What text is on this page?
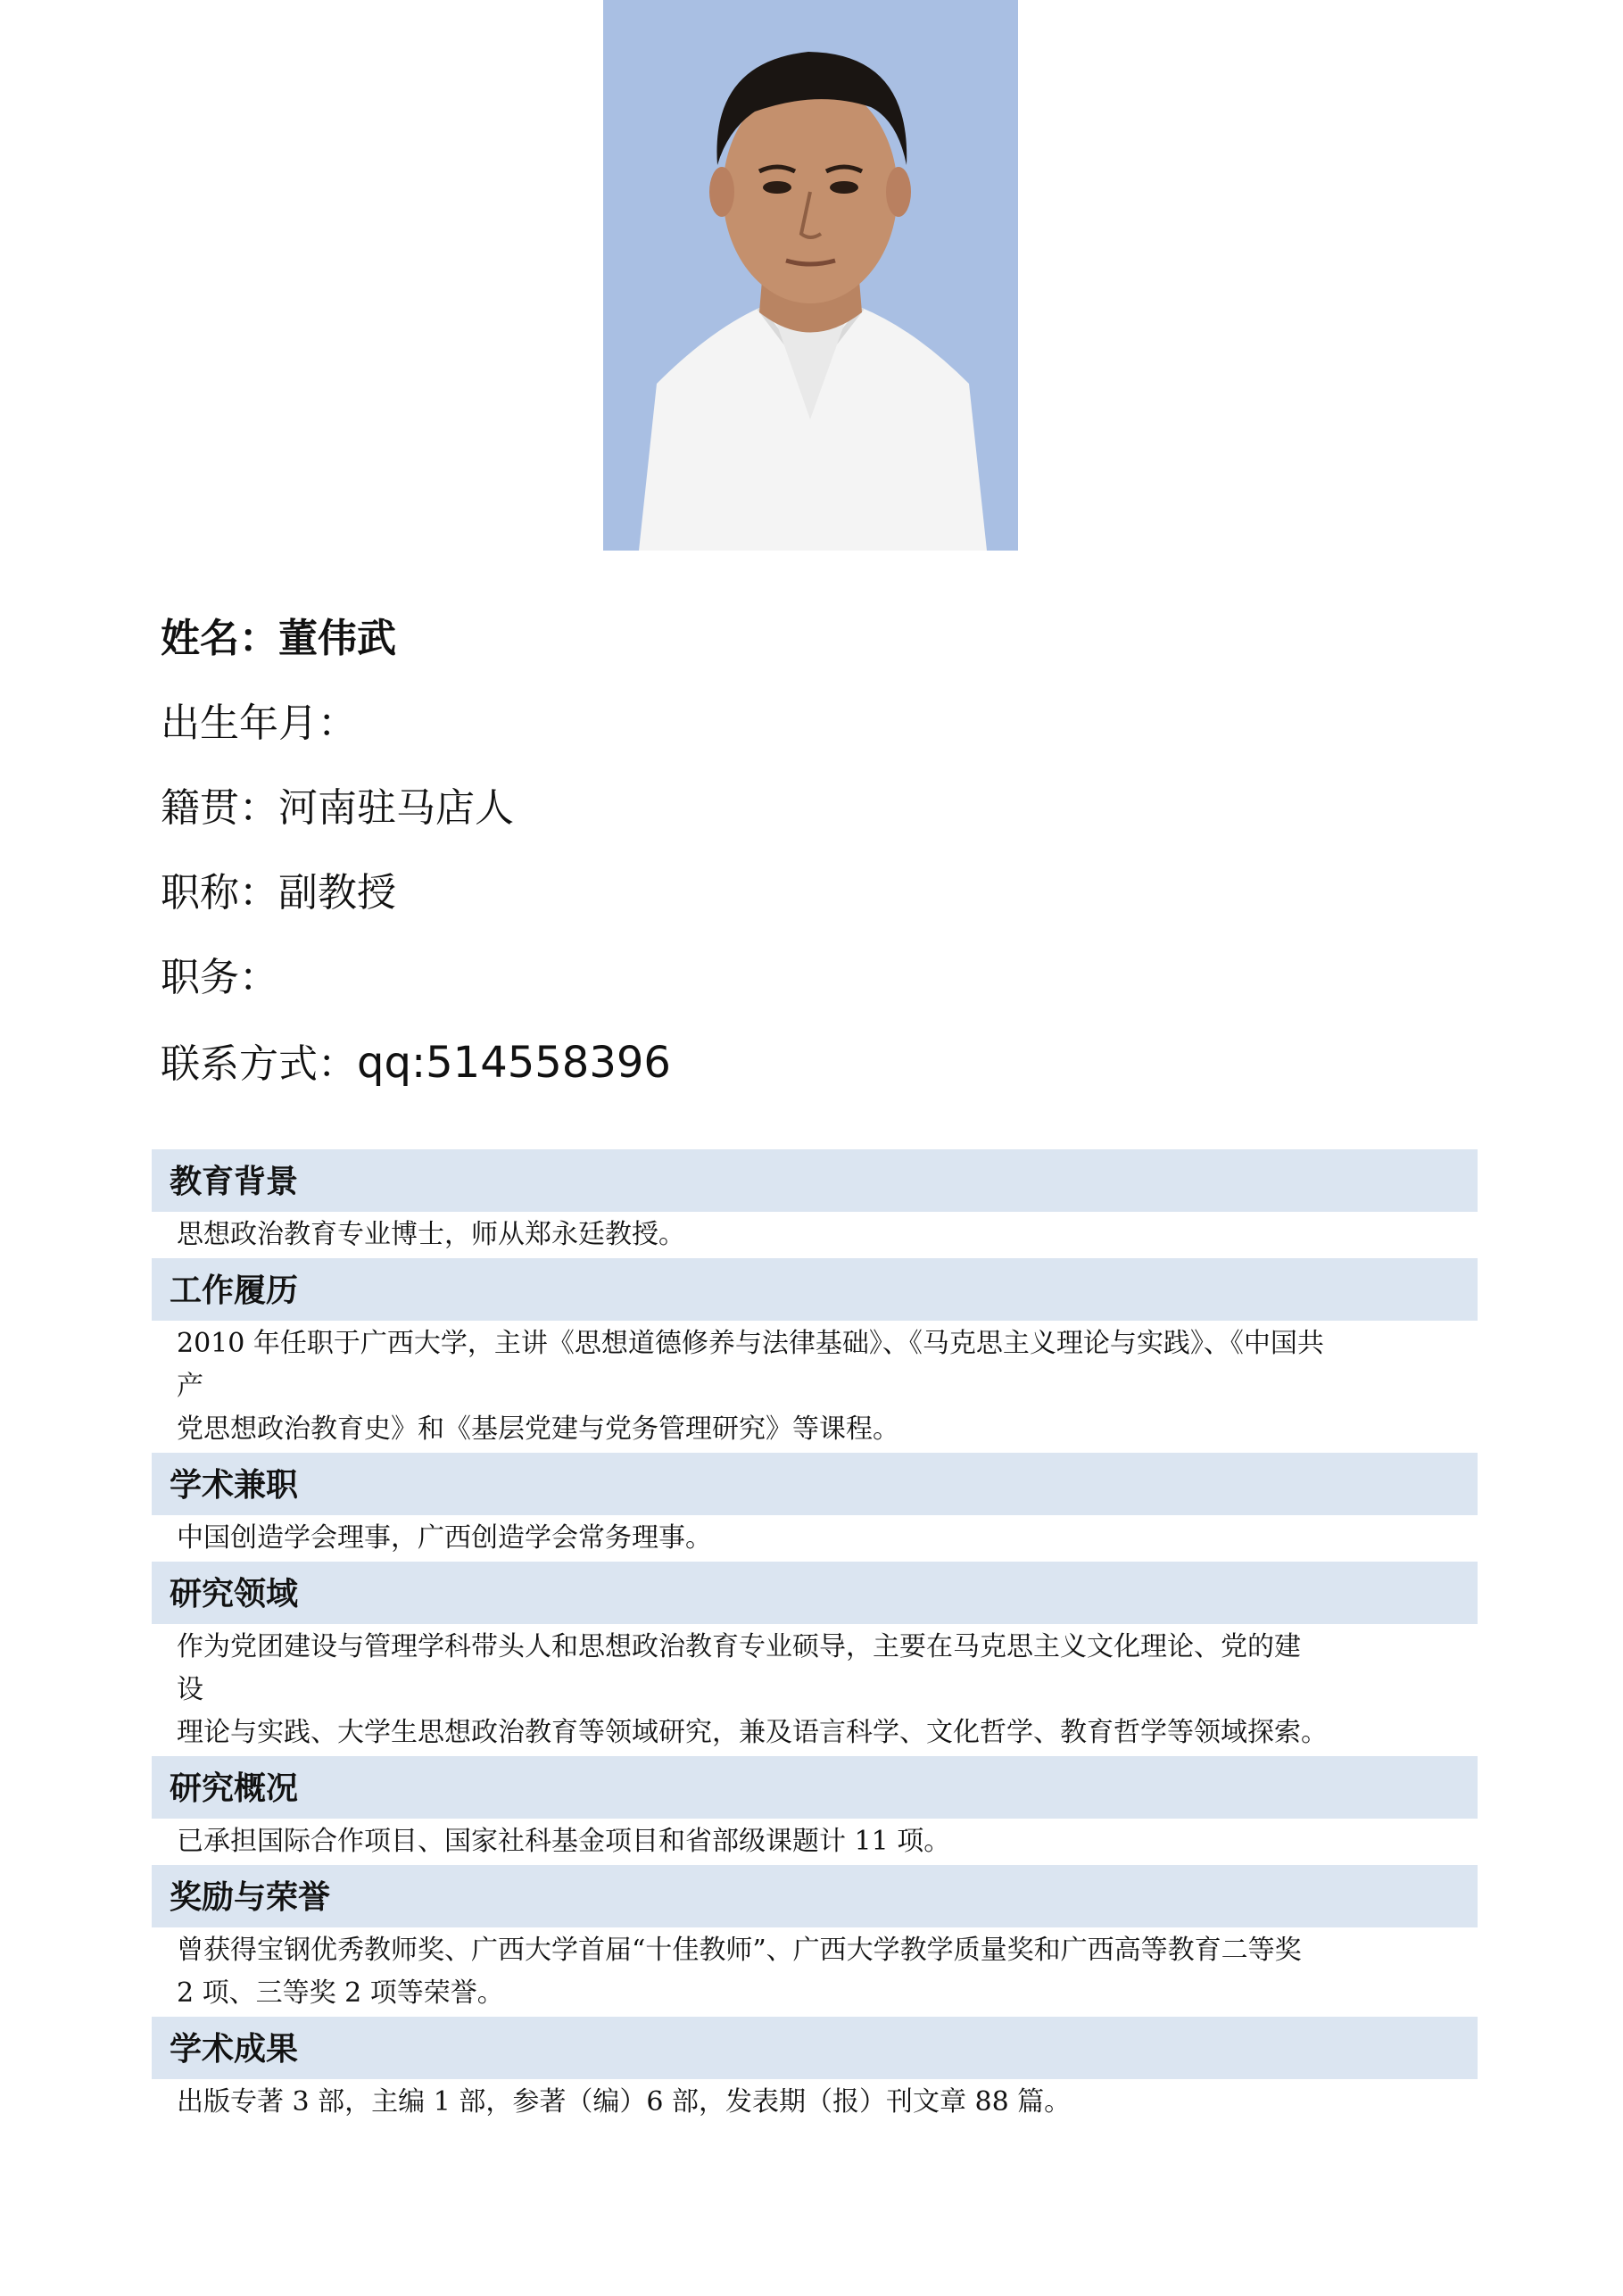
姓名：董伟武
出生年月：
籍贯：河南驻马店人
职称：副教授
职务：
联系方式：qq:514558396
教育背景
思想政治教育专业博士，师从郑永廷教授。
工作履历
2010 年任职于广西大学，主讲《思想道德修养与法律基础》、《马克思主义理论与实践》、《中国共
产
党思想政治教育史》和《基层党建与党务管理研究》等课程。
学术兼职
中国创造学会理事，广西创造学会常务理事。
研究领域
作为党团建设与管理学科带头人和思想政治教育专业硕导，主要在马克思主义文化理论、党的建
设
理论与实践、大学生思想政治教育等领域研究，兼及语言科学、文化哲学、教育哲学等领域探索。
研究概况
已承担国际合作项目、国家社科基金项目和省部级课题计 11 项。
奖励与荣誉
曾获得宝钢优秀教师奖、广西大学首届“十佳教师”、广西大学教学质量奖和广西高等教育二等奖
2 项、三等奖 2 项等荣誉。
学术成果
出版专著 3 部，主编 1 部，参著（编）6 部，发表期（报）刊文章 88 篇。
